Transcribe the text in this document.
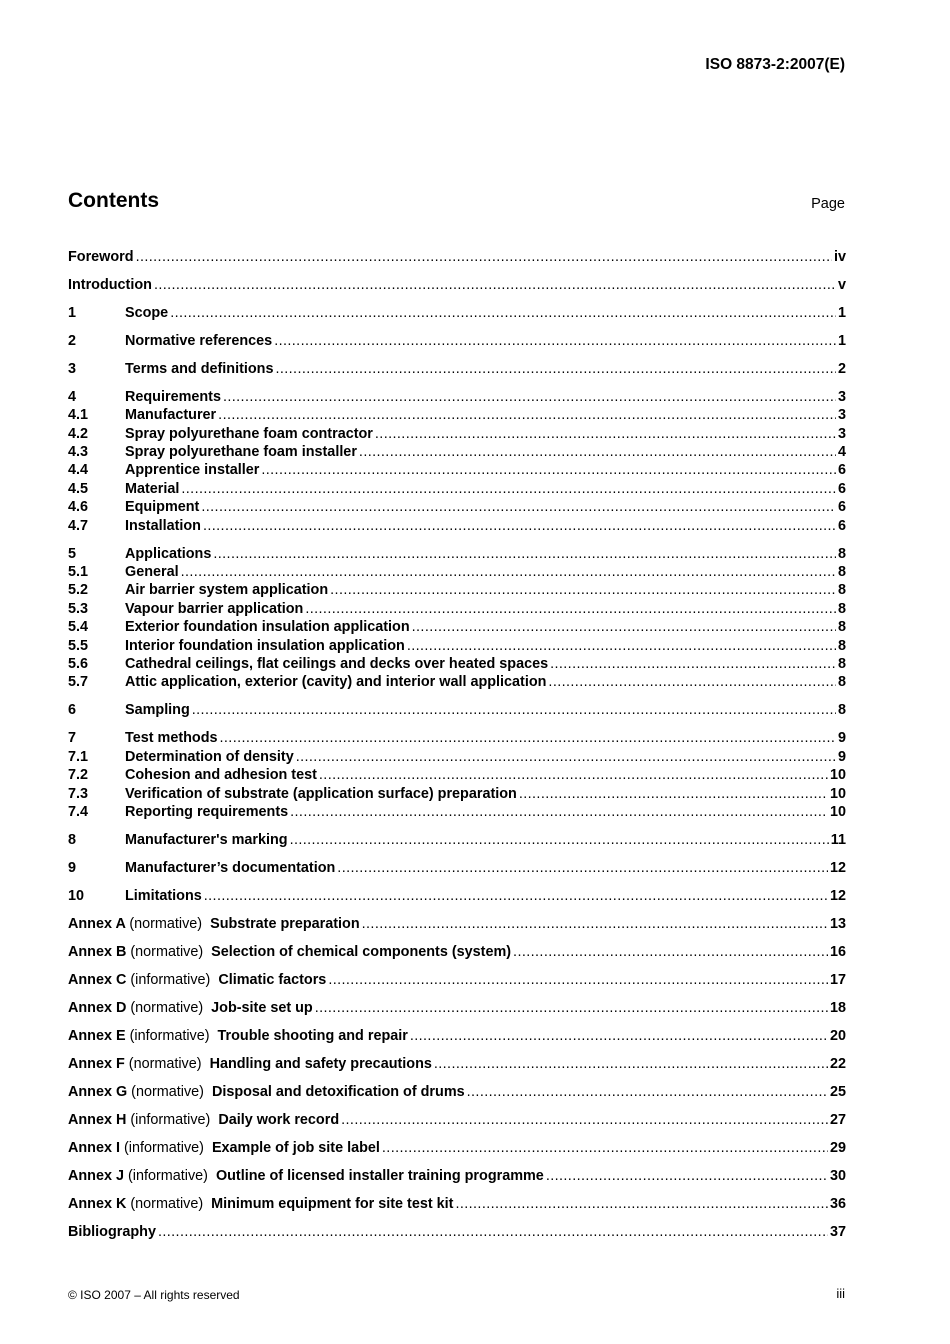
ISO 8873-2:2007(E)
Contents	Page
Foreword .....	iv
Introduction .....	v
1	Scope .....	1
2	Normative references .....	1
3	Terms and definitions .....	2
4	Requirements .....	3
4.1	Manufacturer .....	3
4.2	Spray polyurethane foam contractor .....	3
4.3	Spray polyurethane foam installer .....	4
4.4	Apprentice installer .....	6
4.5	Material .....	6
4.6	Equipment .....	6
4.7	Installation .....	6
5	Applications .....	8
5.1	General .....	8
5.2	Air barrier system application .....	8
5.3	Vapour barrier application .....	8
5.4	Exterior foundation insulation application .....	8
5.5	Interior foundation insulation application .....	8
5.6	Cathedral ceilings, flat ceilings and decks over heated spaces .....	8
5.7	Attic application, exterior (cavity) and interior wall application .....	8
6	Sampling .....	8
7	Test methods .....	9
7.1	Determination of density .....	9
7.2	Cohesion and adhesion test .....	10
7.3	Verification of substrate (application surface) preparation .....	10
7.4	Reporting requirements .....	10
8	Manufacturer's marking .....	11
9	Manufacturer’s documentation .....	12
10	Limitations .....	12
Annex A (normative) Substrate preparation .....	13
Annex B (normative) Selection of chemical components (system) .....	16
Annex C (informative) Climatic factors .....	17
Annex D (normative) Job-site set up .....	18
Annex E (informative) Trouble shooting and repair .....	20
Annex F (normative) Handling and safety precautions .....	22
Annex G (normative) Disposal and detoxification of drums .....	25
Annex H (informative) Daily work record .....	27
Annex I (informative) Example of job site label .....	29
Annex J (informative) Outline of licensed installer training programme .....	30
Annex K (normative) Minimum equipment for site test kit .....	36
Bibliography .....	37
© ISO 2007 – All rights reserved	iii
